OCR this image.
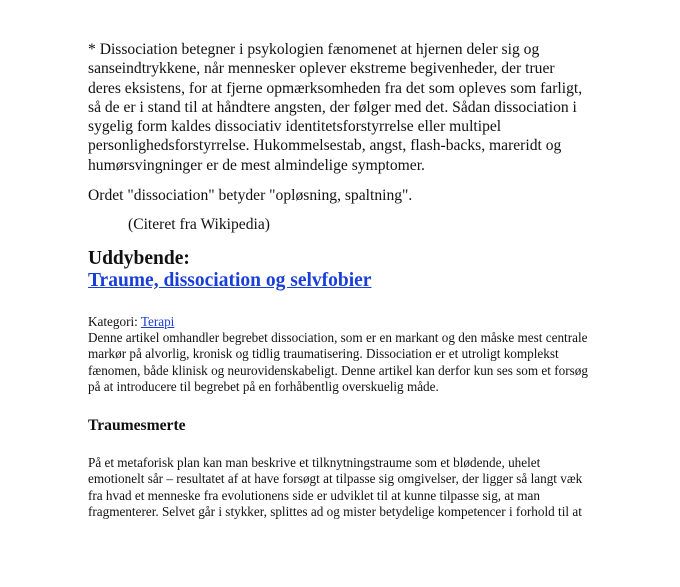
* Dissociation betegner i psykologien fænomenet at hjernen deler sig og
sanseindtrykkene, når mennesker oplever ekstreme begivenheder, der truer
deres eksistens, for at fjerne opmærksomheden fra det som opleves som farligt,
så de er i stand til at håndtere angsten, der følger med det. Sådan dissociation i
sygelig form kaldes dissociativ identitetsforstyrrelse eller multipel
personlighedsforstyrrelse. Hukommelsestab, angst, flash-backs, mareridt og
humørsvingninger er de mest almindelige symptomer.

Ordet "dissociation" betyder "opløsning, spaltning".

(Citeret fra Wikipedia)

Uddybende:
Traume, dissociation og selvfobier

Kategori: Terapi

Denne artikel omhandler begrebet dissociation, som er en markant og den måske mest centrale
markør på alvorlig, kronisk og tidlig traumatisering. Dissociation er et utroligt komplekst
fænomen, både klinisk og neurovidenskabeligt. Denne artikel kan derfor kun ses som et forsøg
på at introducere til begrebet på en forhåbentlig overskuelig måde.

Traumesmerte

På et metaforisk plan kan man beskrive et tilknytningstraume som et blødende, uhelet
emotionelt sår – resultatet af at have forsøgt at tilpasse sig omgivelser, der ligger så langt væk
fra hvad et menneske fra evolutionens side er udviklet til at kunne tilpasse sig, at man
fragmenterer. Selvet går i stykker, splittes ad og mister betydelige kompetencer i forhold til at
